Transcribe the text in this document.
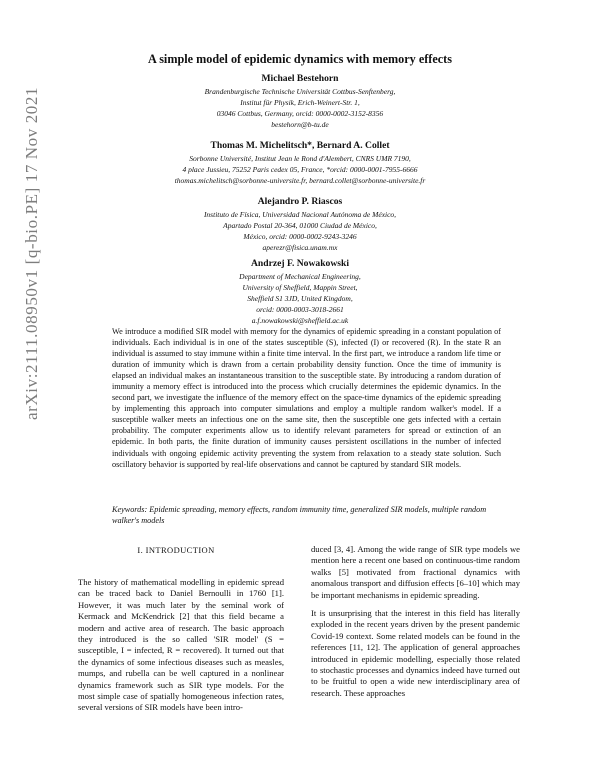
arXiv:2111.08950v1 [q-bio.PE] 17 Nov 2021
A simple model of epidemic dynamics with memory effects
Michael Bestehorn
Brandenburgische Technische Universität Cottbus-Senftenberg,
Institut für Physik, Erich-Weinert-Str. 1,
03046 Cottbus, Germany, orcid: 0000-0002-3152-8356
bestehorn@b-tu.de
Thomas M. Michelitsch*, Bernard A. Collet
Sorbonne Université, Institut Jean le Rond d'Alembert, CNRS UMR 7190,
4 place Jussieu, 75252 Paris cedex 05, France, *orcid: 0000-0001-7955-6666
thomas.michelitsch@sorbonne-universite.fr, bernard.collet@sorbonne-universite.fr
Alejandro P. Riascos
Instituto de Física, Universidad Nacional Autónoma de México,
Apartado Postal 20-364, 01000 Ciudad de México,
México, orcid: 0000-0002-9243-3246
aperezr@fisica.unam.mx
Andrzej F. Nowakowski
Department of Mechanical Engineering,
University of Sheffield, Mappin Street,
Sheffield S1 3JD, United Kingdom,
orcid: 0000-0003-3018-2661
a.f.nowakowski@sheffield.ac.uk
We introduce a modified SIR model with memory for the dynamics of epidemic spreading in a constant population of individuals. Each individual is in one of the states susceptible (S), infected (I) or recovered (R). In the state R an individual is assumed to stay immune within a finite time interval. In the first part, we introduce a random life time or duration of immunity which is drawn from a certain probability density function. Once the time of immunity is elapsed an individual makes an instantaneous transition to the susceptible state. By introducing a random duration of immunity a memory effect is introduced into the process which crucially determines the epidemic dynamics. In the second part, we investigate the influence of the memory effect on the space-time dynamics of the epidemic spreading by implementing this approach into computer simulations and employ a multiple random walker's model. If a susceptible walker meets an infectious one on the same site, then the susceptible one gets infected with a certain probability. The computer experiments allow us to identify relevant parameters for spread or extinction of an epidemic. In both parts, the finite duration of immunity causes persistent oscillations in the number of infected individuals with ongoing epidemic activity preventing the system from relaxation to a steady state solution. Such oscillatory behavior is supported by real-life observations and cannot be captured by standard SIR models.
Keywords: Epidemic spreading, memory effects, random immunity time, generalized SIR models, multiple random walker's models
I. INTRODUCTION

The history of mathematical modelling in epidemic spread can be traced back to Daniel Bernoulli in 1760 [1]. However, it was much later by the seminal work of Kermack and McKendrick [2] that this field became a modern and active area of research. The basic approach they introduced is the so called 'SIR model' (S = susceptible, I = infected, R = recovered). It turned out that the dynamics of some infectious diseases such as measles, mumps, and rubella can be well captured in a nonlinear dynamics framework such as SIR type models. For the most simple case of spatially homogeneous infection rates, several versions of SIR models have been intro-

duced [3, 4]. Among the wide range of SIR type models we mention here a recent one based on continuous-time random walks [5] motivated from fractional dynamics with anomalous transport and diffusion effects [6–10] which may be important mechanisms in epidemic spreading.

It is unsurprising that the interest in this field has literally exploded in the recent years driven by the present pandemic Covid-19 context. Some related models can be found in the references [11, 12]. The application of general approaches introduced in epidemic modelling, especially those related to stochastic processes and dynamics indeed have turned out to be fruitful to open a wide new interdisciplinary area of research. These approaches
